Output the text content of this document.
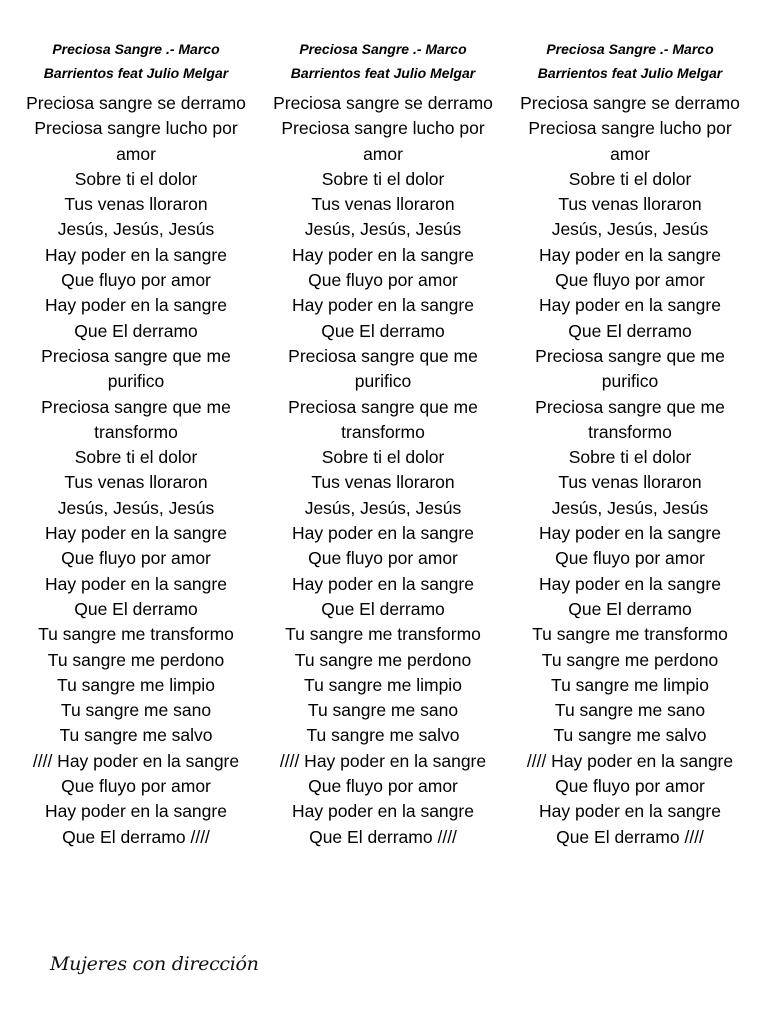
Preciosa Sangre .- Marco Barrientos feat Julio Melgar
Preciosa sangre se derramo
Preciosa sangre lucho por amor
Sobre ti el dolor
Tus venas lloraron
Jesús, Jesús, Jesús
Hay poder en la sangre
Que fluyo por amor
Hay poder en la sangre
Que El derramo
Preciosa sangre que me purifico
Preciosa sangre que me transformo
Sobre ti el dolor
Tus venas lloraron
Jesús, Jesús, Jesús
Hay poder en la sangre
Que fluyo por amor
Hay poder en la sangre
Que El derramo
Tu sangre me transformo
Tu sangre me perdono
Tu sangre me limpio
Tu sangre me sano
Tu sangre me salvo
//// Hay poder en la sangre
Que fluyo por amor
Hay poder en la sangre
Que El derramo ////
Preciosa Sangre .- Marco Barrientos feat Julio Melgar
Preciosa sangre se derramo
Preciosa sangre lucho por amor
Sobre ti el dolor
Tus venas lloraron
Jesús, Jesús, Jesús
Hay poder en la sangre
Que fluyo por amor
Hay poder en la sangre
Que El derramo
Preciosa sangre que me purifico
Preciosa sangre que me transformo
Sobre ti el dolor
Tus venas lloraron
Jesús, Jesús, Jesús
Hay poder en la sangre
Que fluyo por amor
Hay poder en la sangre
Que El derramo
Tu sangre me transformo
Tu sangre me perdono
Tu sangre me limpio
Tu sangre me sano
Tu sangre me salvo
//// Hay poder en la sangre
Que fluyo por amor
Hay poder en la sangre
Que El derramo ////
Preciosa Sangre .- Marco Barrientos feat Julio Melgar
Preciosa sangre se derramo
Preciosa sangre lucho por amor
Sobre ti el dolor
Tus venas lloraron
Jesús, Jesús, Jesús
Hay poder en la sangre
Que fluyo por amor
Hay poder en la sangre
Que El derramo
Preciosa sangre que me purifico
Preciosa sangre que me transformo
Sobre ti el dolor
Tus venas lloraron
Jesús, Jesús, Jesús
Hay poder en la sangre
Que fluyo por amor
Hay poder en la sangre
Que El derramo
Tu sangre me transformo
Tu sangre me perdono
Tu sangre me limpio
Tu sangre me sano
Tu sangre me salvo
//// Hay poder en la sangre
Que fluyo por amor
Hay poder en la sangre
Que El derramo ////
Mujeres con dirección
